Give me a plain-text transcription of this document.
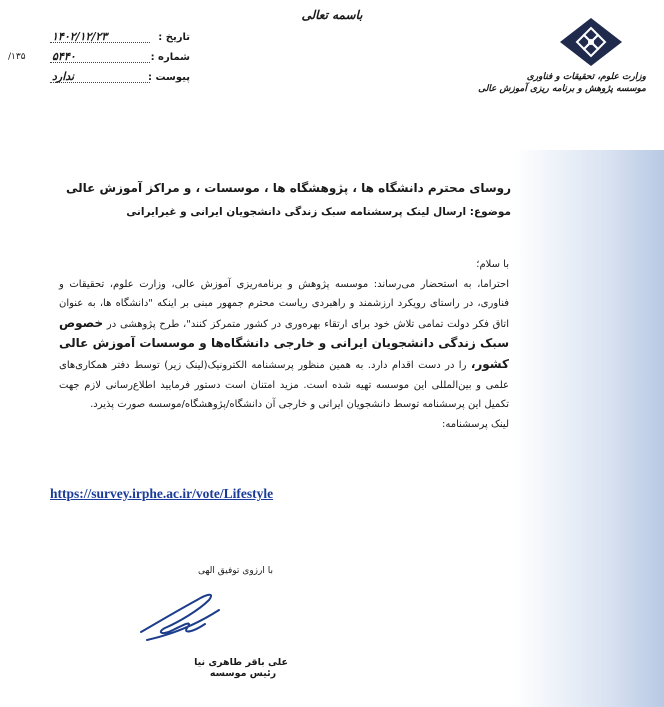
باسمه تعالی
وزارت علوم، تحقیقات و فناوری
موسسه پژوهش و برنامه ریزی آموزش عالی
تاریخ :
۱۴۰۲/۱۲/۲۳
شماره :
۵۴۴۰
۱۳۵/
پیوست :
ندارد
روسای محترم دانشگاه ها ، پژوهشگاه ها ، موسسات ، و مراکز آموزش عالی
موضوع: ارسال لینک پرسشنامه سبک زندگی دانشجویان ایرانی و غیرایرانی

با سلام؛

احتراما، به استحضار می‌رساند: موسسه پژوهش و برنامه‌ریزی آموزش عالی، وزارت علوم، تحقیقات و فناوری، در راستای رویکرد ارزشمند و راهبردی ریاست محترم جمهور مبنی بر اینکه "دانشگاه ها، به عنوان اتاق فکر دولت تمامی تلاش خود برای ارتقاء بهره‌وری در کشور متمرکز کنند"، طرح پژوهشی در خصوص سبک زندگی دانشجویان ایرانی و خارجی دانشگاه‌ها و موسسات آموزش عالی کشور، را در دست اقدام دارد. به همین منظور پرسشنامه الکترونیک(لینک زیر) توسط دفتر همکاری‌های علمی و بین‌المللی این موسسه تهیه شده است. مزید امتنان است دستور فرمایید اطلاع‌رسانی لازم جهت تکمیل این پرسشنامه توسط دانشجویان ایرانی و خارجی آن دانشگاه/پژوهشگاه/موسسه صورت پذیرد.

لینک پرسشنامه:

https://survey.irphe.ac.ir/vote/Lifestyle
با ارزوی توفیق الهی
علی باقر طاهری نیا
رئیس موسسه
